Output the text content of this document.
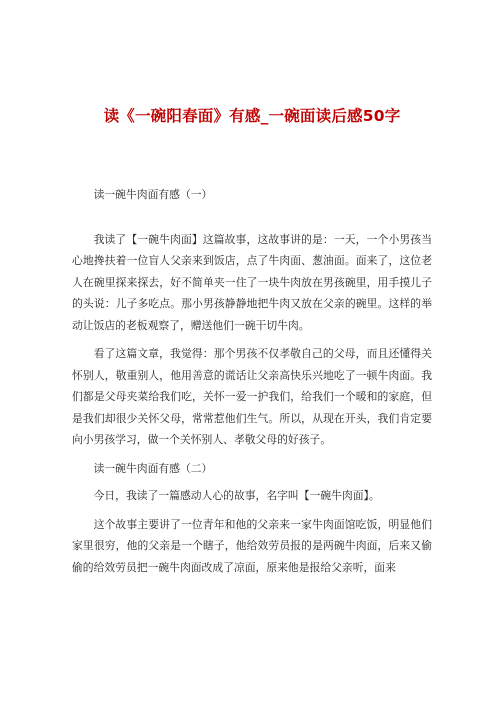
读《一碗阳春面》有感_一碗面读后感50字

读一碗牛肉面有感（一）

我读了【一碗牛肉面】这篇故事，这故事讲的是：一天，一个小男孩当心地搀扶着一位盲人父亲来到饭店，点了牛肉面、葱油面。面来了，这位老人在碗里探来探去，好不简单夹一住了一块牛肉放在男孩碗里，用手摸儿子的头说：儿子多吃点。那小男孩静静地把牛肉又放在父亲的碗里。这样的举动让饭店的老板观察了，赠送他们一碗干切牛肉。

看了这篇文章，我觉得：那个男孩不仅孝敬自己的父母，而且还懂得关怀别人，敬重别人，他用善意的谎话让父亲高快乐兴地吃了一顿牛肉面。我们都是父母夹菜给我们吃，关怀一爱一护我们，给我们一个暖和的家庭，但是我们却很少关怀父母，常常惹他们生气。所以，从现在开头，我们肯定要向小男孩学习，做一个关怀别人、孝敬父母的好孩子。

读一碗牛肉面有感（二）

今日，我读了一篇感动人心的故事，名字叫【一碗牛肉面】。

这个故事主要讲了一位青年和他的父亲来一家牛肉面馆吃饭，明显他们家里很穷，他的父亲是一个瞎子，他给效劳员报的是两碗牛肉面，后来又偷偷的给效劳员把一碗牛肉面改成了凉面，原来他是报给父亲听，面来
